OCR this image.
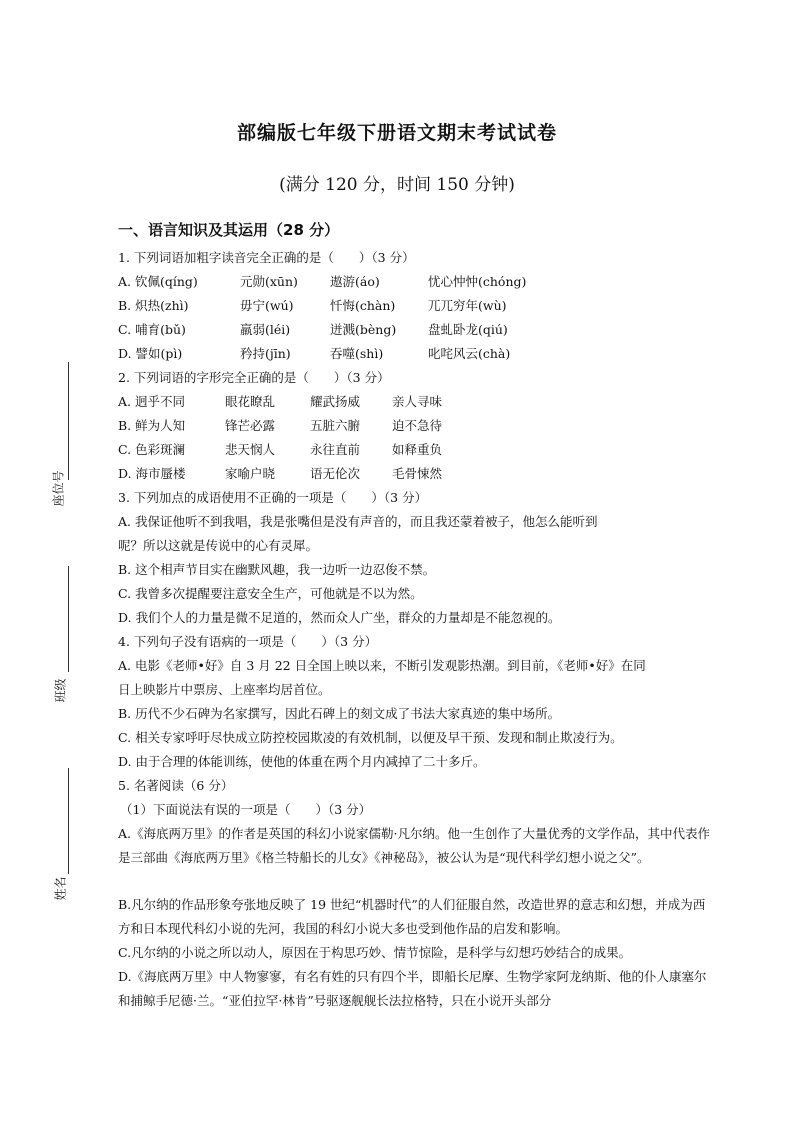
座位号
班级
姓名
部编版七年级下册语文期末考试试卷
(满分 120 分，时间 150 分钟)
一、语言知识及其运用（28 分）
1. 下列词语加粗字读音完全正确的是（　　）（3 分）
A. 钦佩(qíng)	元勋(xūn)	遨游(áo)	忧心忡忡(chóng)
B. 炽热(zhì)	毋宁(wú)	忏悔(chàn)	兀兀穷年(wù)
C. 哺育(bǔ)	羸弱(léi)	迸溅(bèng)	盘虬卧龙(qiú)
D. 譬如(pì)	矜持(jīn)	吞噬(shì)	叱咤风云(chà)
2. 下列词语的字形完全正确的是（　　）（3 分）
A. 迥乎不同	眼花瞭乱	耀武扬威	亲人寻味
B. 鲜为人知	锋芒必露	五脏六腑	迫不急待
C. 色彩斑澜	悲天悯人	永往直前	如释重负
D. 海市蜃楼	家喻户晓	语无伦次	毛骨悚然
3. 下列加点的成语使用不正确的一项是（　　）（3 分）
A. 我保证他听不到我唱，我是张嘴但是没有声音的，而且我还蒙着被子，他怎么能听到
呢？所以这就是传说中的心有灵犀。
B. 这个相声节目实在幽默风趣，我一边听一边忍俊不禁。
C. 我曾多次提醒要注意安全生产，可他就是不以为然。
D. 我们个人的力量是微不足道的，然而众人广坐，群众的力量却是不能忽视的。
4. 下列句子没有语病的一项是（　　）（3 分）
A. 电影《老师•好》自 3 月 22 日全国上映以来，不断引发观影热潮。到目前，《老师•好》在同
日上映影片中票房、上座率均居首位。
B. 历代不少石碑为名家撰写，因此石碑上的刻文成了书法大家真迹的集中场所。
C. 相关专家呼吁尽快成立防控校园欺凌的有效机制，以便及早干预、发现和制止欺凌行为。
D. 由于合理的体能训练，使他的体重在两个月内减掉了二十多斤。
5. 名著阅读（6 分）
（1）下面说法有误的一项是（　　）（3 分）
A.《海底两万里》的作者是英国的科幻小说家儒勒·凡尔纳。他一生创作了大量优秀的文学作品，其中代表作是三部曲《海底两万里》《格兰特船长的儿女》《神秘岛》，被公认为是“现代科学幻想小说之父”。
B.凡尔纳的作品形象夸张地反映了 19 世纪“机器时代”的人们征服自然，改造世界的意志和幻想，并成为西方和日本现代科幻小说的先河，我国的科幻小说大多也受到他作品的启发和影响。
C.凡尔纳的小说之所以动人，原因在于构思巧妙、情节惊险，是科学与幻想巧妙结合的成果。
D.《海底两万里》中人物寥寥，有名有姓的只有四个半，即船长尼摩、生物学家阿龙纳斯、他的仆人康塞尔和捕鲸手尼德·兰。“亚伯拉罕·林肯”号驱逐舰舰长法拉格特，只在小说开头部分
